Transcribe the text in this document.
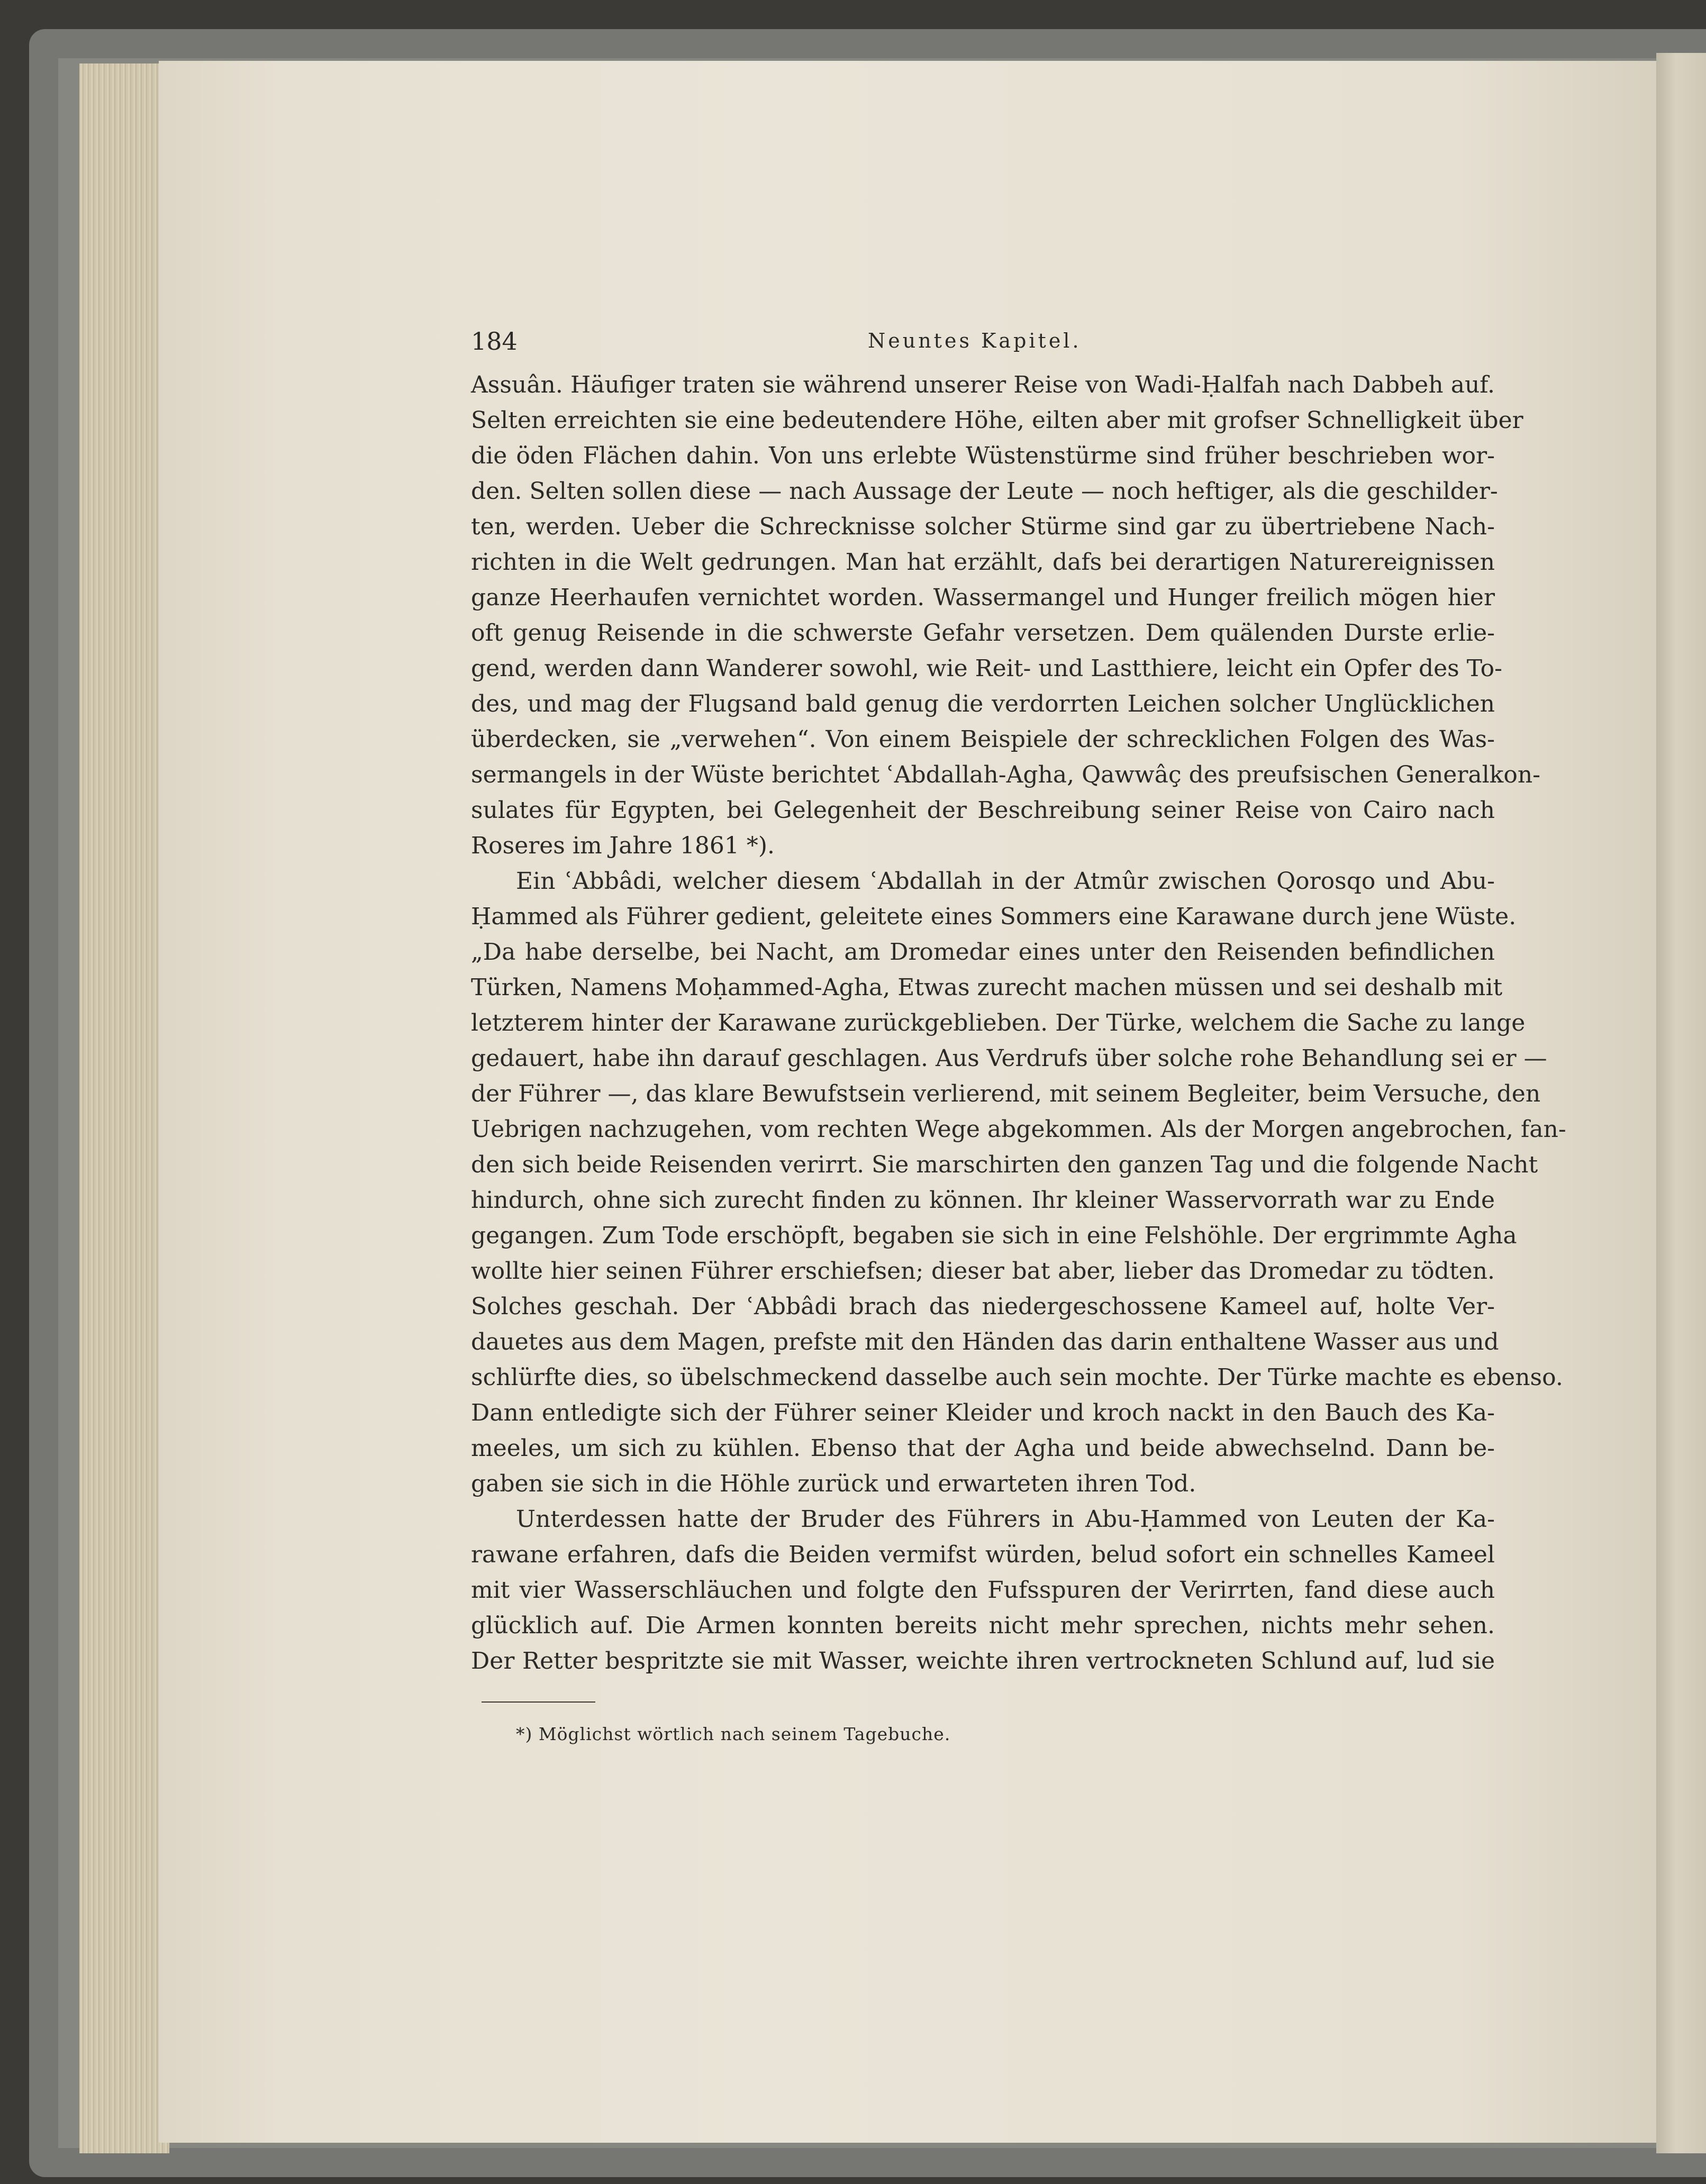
184	Neuntes Kapitel.
Assuân. Häufiger traten sie während unserer Reise von Wadi-Ḥalfah nach Dabbeh auf.
Selten erreichten sie eine bedeutendere Höhe, eilten aber mit grofser Schnelligkeit über
die öden Flächen dahin. Von uns erlebte Wüstenstürme sind früher beschrieben wor-
den. Selten sollen diese — nach Aussage der Leute — noch heftiger, als die geschilder-
ten, werden. Ueber die Schrecknisse solcher Stürme sind gar zu übertriebene Nach-
richten in die Welt gedrungen. Man hat erzählt, dafs bei derartigen Naturereignissen
ganze Heerhaufen vernichtet worden. Wassermangel und Hunger freilich mögen hier
oft genug Reisende in die schwerste Gefahr versetzen. Dem quälenden Durste erlie-
gend, werden dann Wanderer sowohl, wie Reit- und Lastthiere, leicht ein Opfer des To-
des, und mag der Flugsand bald genug die verdorrten Leichen solcher Unglücklichen
überdecken, sie „verwehen“. Von einem Beispiele der schrecklichen Folgen des Was-
sermangels in der Wüste berichtet ʿAbdallah-Agha, Qawwâç des preufsischen Generalkon-
sulates für Egypten, bei Gelegenheit der Beschreibung seiner Reise von Cairo nach
Roseres im Jahre 1861 *).
Ein ʿAbbâdi, welcher diesem ʿAbdallah in der Atmûr zwischen Qorosqo und Abu-
Ḥammed als Führer gedient, geleitete eines Sommers eine Karawane durch jene Wüste.
„Da habe derselbe, bei Nacht, am Dromedar eines unter den Reisenden befindlichen
Türken, Namens Moḥammed-Agha, Etwas zurecht machen müssen und sei deshalb mit
letzterem hinter der Karawane zurückgeblieben. Der Türke, welchem die Sache zu lange
gedauert, habe ihn darauf geschlagen. Aus Verdrufs über solche rohe Behandlung sei er —
der Führer —, das klare Bewufstsein verlierend, mit seinem Begleiter, beim Versuche, den
Uebrigen nachzugehen, vom rechten Wege abgekommen. Als der Morgen angebrochen, fan-
den sich beide Reisenden verirrt. Sie marschirten den ganzen Tag und die folgende Nacht
hindurch, ohne sich zurecht finden zu können. Ihr kleiner Wasservorrath war zu Ende
gegangen. Zum Tode erschöpft, begaben sie sich in eine Felshöhle. Der ergrimmte Agha
wollte hier seinen Führer erschiefsen; dieser bat aber, lieber das Dromedar zu tödten.
Solches geschah. Der ʿAbbâdi brach das niedergeschossene Kameel auf, holte Ver-
dauetes aus dem Magen, prefste mit den Händen das darin enthaltene Wasser aus und
schlürfte dies, so übelschmeckend dasselbe auch sein mochte. Der Türke machte es ebenso.
Dann entledigte sich der Führer seiner Kleider und kroch nackt in den Bauch des Ka-
meeles, um sich zu kühlen. Ebenso that der Agha und beide abwechselnd. Dann be-
gaben sie sich in die Höhle zurück und erwarteten ihren Tod.
Unterdessen hatte der Bruder des Führers in Abu-Ḥammed von Leuten der Ka-
rawane erfahren, dafs die Beiden vermifst würden, belud sofort ein schnelles Kameel
mit vier Wasserschläuchen und folgte den Fufsspuren der Verirrten, fand diese auch
glücklich auf. Die Armen konnten bereits nicht mehr sprechen, nichts mehr sehen.
Der Retter bespritzte sie mit Wasser, weichte ihren vertrockneten Schlund auf, lud sie
*) Möglichst wörtlich nach seinem Tagebuche.
